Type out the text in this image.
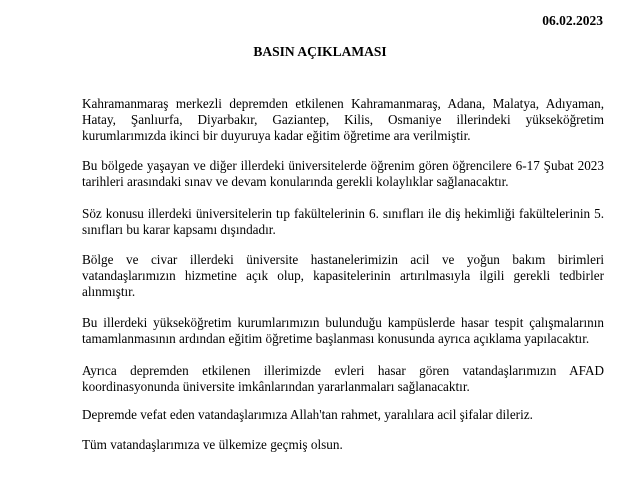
06.02.2023

BASIN AÇIKLAMASI

Kahramanmaraş merkezli depremden etkilenen Kahramanmaraş, Adana, Malatya, Adıyaman, Hatay, Şanlıurfa, Diyarbakır, Gaziantep, Kilis, Osmaniye illerindeki yükseköğretim kurumlarımızda ikinci bir duyuruya kadar eğitim öğretime ara verilmiştir.

Bu bölgede yaşayan ve diğer illerdeki üniversitelerde öğrenim gören öğrencilere 6-17 Şubat 2023 tarihleri arasındaki sınav ve devam konularında gerekli kolaylıklar sağlanacaktır.

Söz konusu illerdeki üniversitelerin tıp fakültelerinin 6. sınıfları ile diş hekimliği fakültelerinin 5. sınıfları bu karar kapsamı dışındadır.

Bölge ve civar illerdeki üniversite hastanelerimizin acil ve yoğun bakım birimleri vatandaşlarımızın hizmetine açık olup, kapasitelerinin artırılmasıyla ilgili gerekli tedbirler alınmıştır.

Bu illerdeki yükseköğretim kurumlarımızın bulunduğu kampüslerde hasar tespit çalışmalarının tamamlanmasının ardından eğitim öğretime başlanması konusunda ayrıca açıklama yapılacaktır.

Ayrıca depremden etkilenen illerimizde evleri hasar gören vatandaşlarımızın AFAD koordinasyonunda üniversite imkânlarından yararlanmaları sağlanacaktır.

Depremde vefat eden vatandaşlarımıza Allah'tan rahmet, yaralılara acil şifalar dileriz.

Tüm vatandaşlarımıza ve ülkemize geçmiş olsun.
